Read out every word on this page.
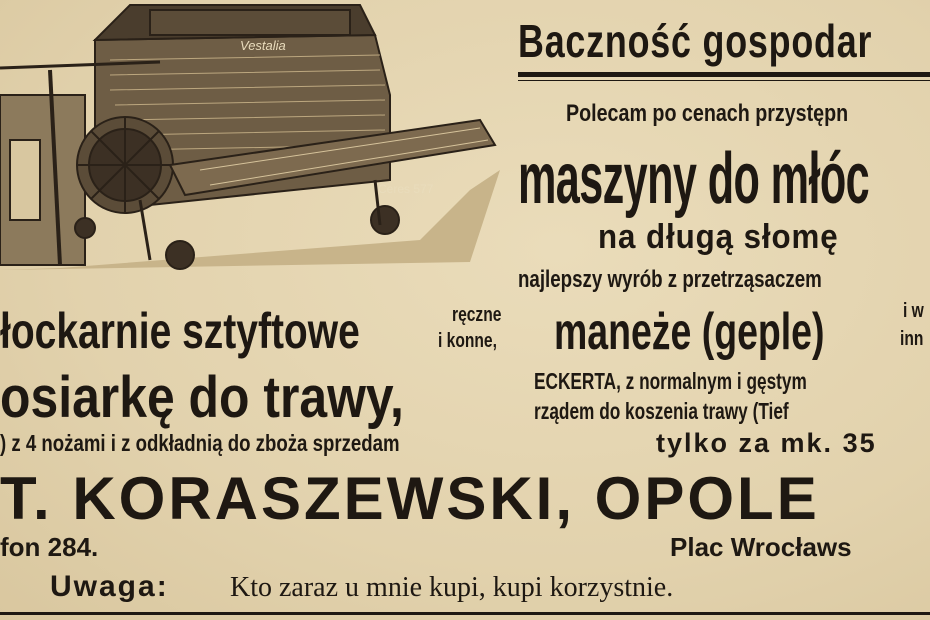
Vestalia
Ceres 577
Baczność gospodar
Polecam po cenach przystępn
maszyny do młóc
na długą słomę
najlepszy wyrób z przetrząsaczem
łockarnie sztyftowe	ręczne
i konne, maneże (geple)	i w
inn
osiarkę do trawy,	ECKERTA, z normalnym i gęstym
rządem do koszenia trawy (Tief
) z 4 nożami i z odkładnią do zboża sprzedam	tylko za mk. 35
T. KORASZEWSKI, OPOLE
fon 284.	Plac Wrocławs
Uwaga: Kto zaraz u mnie kupi, kupi korzystnie.
